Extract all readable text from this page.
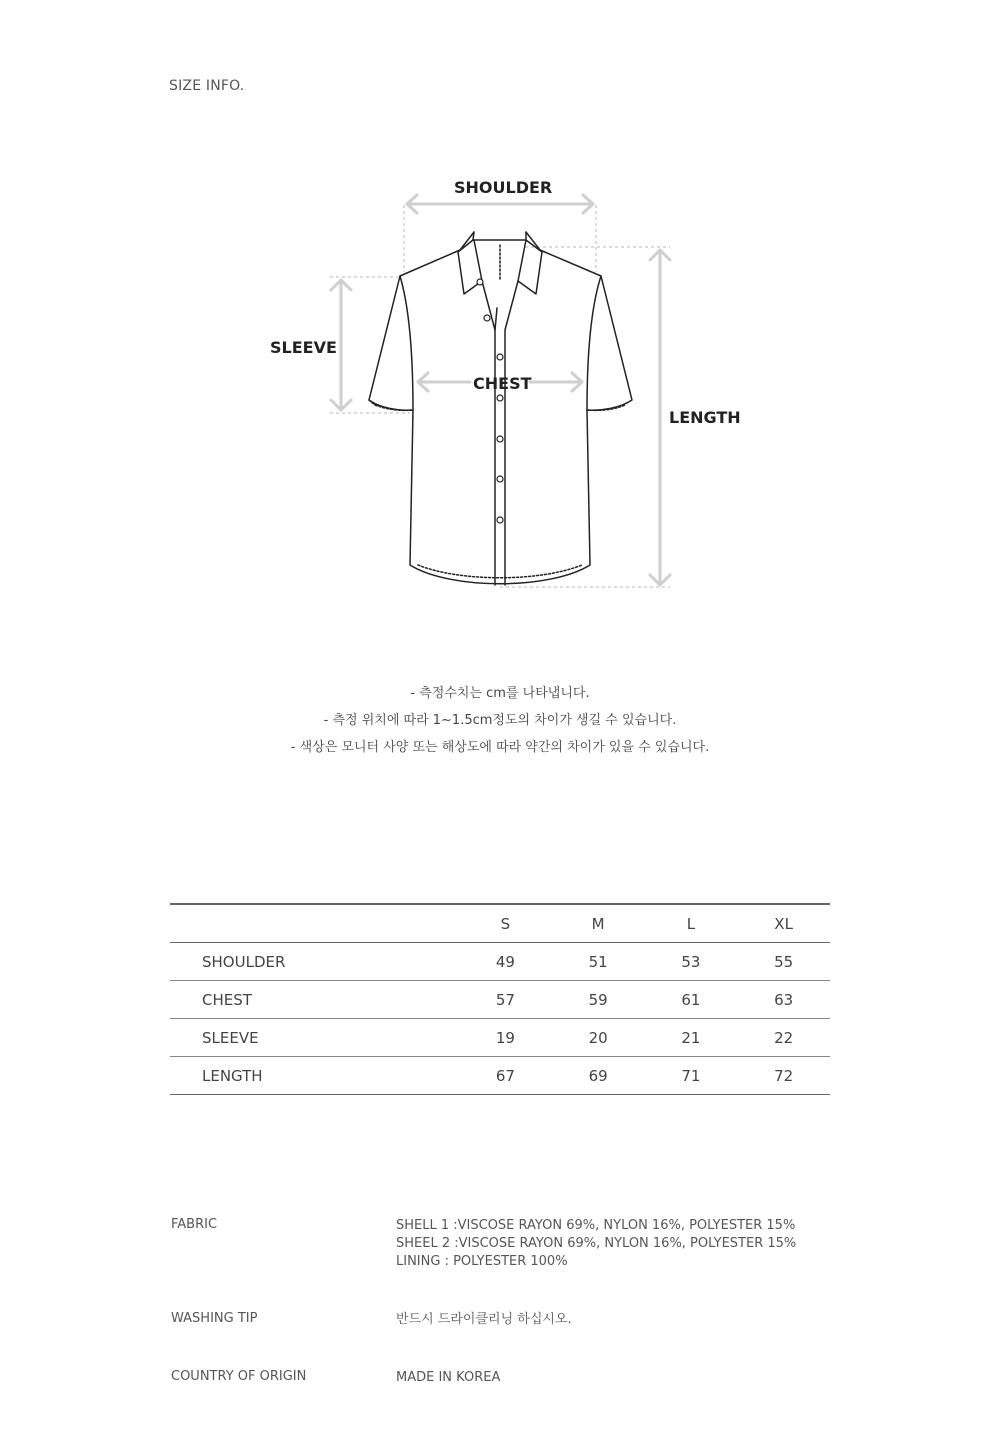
SIZE INFO.
SHOULDER
SLEEVE
CHEST
LENGTH
- 측정수치는 cm를 나타냅니다.
- 측정 위치에 따라 1~1.5cm정도의 차이가 생길 수 있습니다.
- 색상은 모니터 사양 또는 해상도에 따라 약간의 차이가 있을 수 있습니다.
	S	M	L	XL
SHOULDER	49	51	53	55
CHEST	57	59	61	63
SLEEVE	19	20	21	22
LENGTH	67	69	71	72
FABRIC	SHELL 1 :VISCOSE RAYON 69%, NYLON 16%, POLYESTER 15%
SHEEL 2 :VISCOSE RAYON 69%, NYLON 16%, POLYESTER 15%
LINING : POLYESTER 100%
WASHING TIP	반드시 드라이클리닝 하십시오.
COUNTRY OF ORIGIN	MADE IN KOREA
